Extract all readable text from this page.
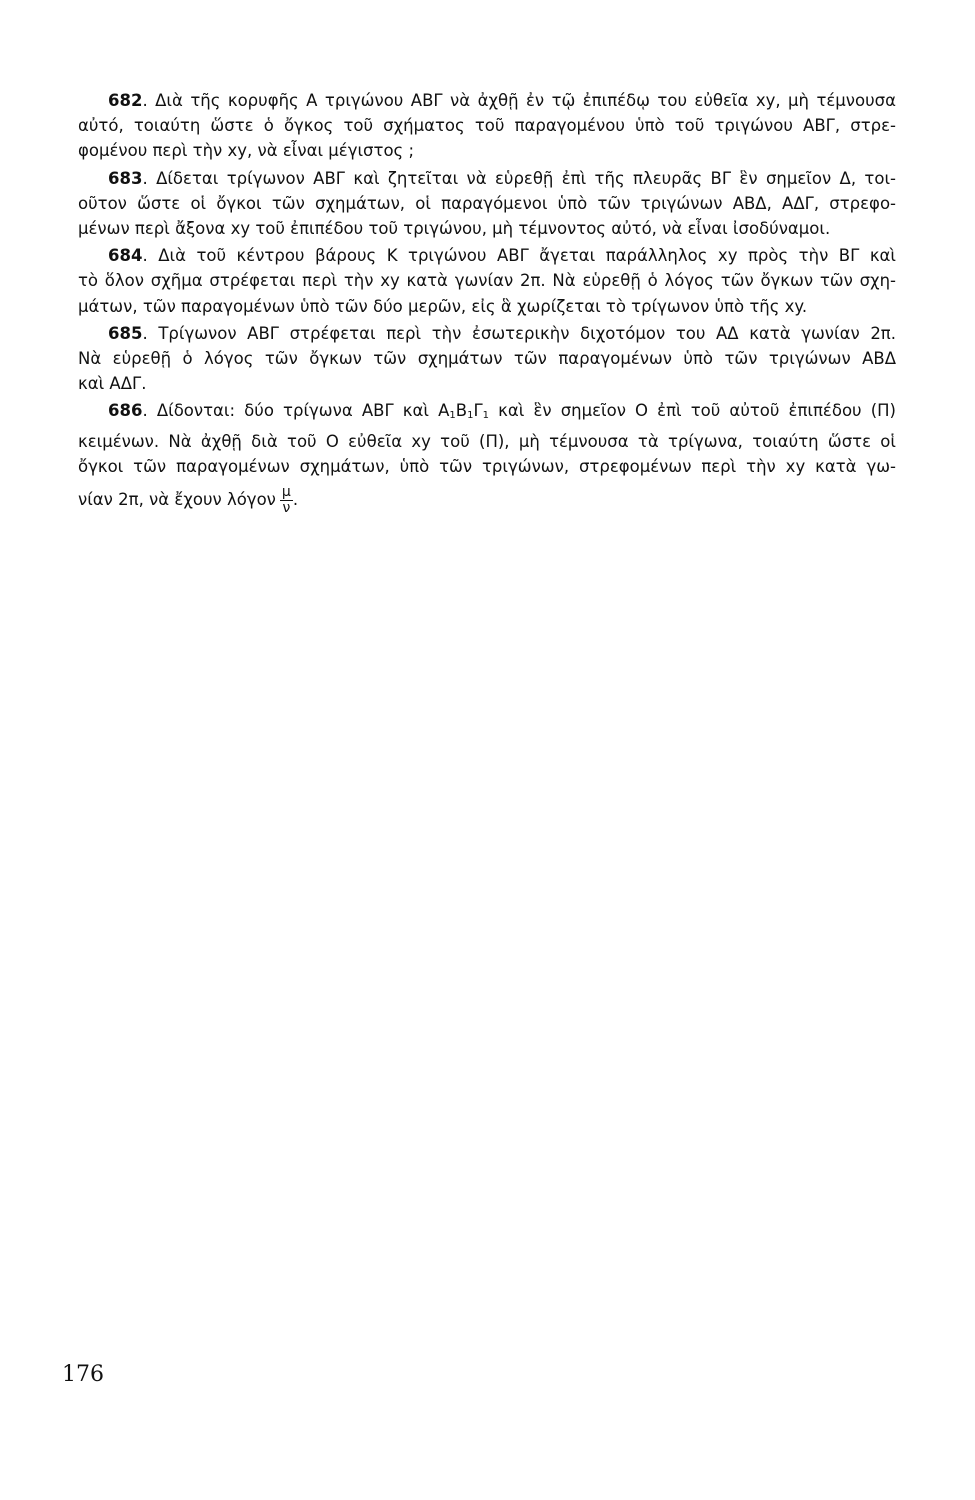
682. Διὰ τῆς κορυφῆς Α τριγώνου ΑΒΓ νὰ ἀχθῇ ἐν τῷ ἐπιπέδῳ του εὐθεῖα xy, μὴ τέμνουσα
αὐτό, τοιαύτη ὥστε ὁ ὄγκος τοῦ σχήματος τοῦ παραγομένου ὑπὸ τοῦ τριγώνου ΑΒΓ, στρε-
φομένου περὶ τὴν xy, νὰ εἶναι μέγιστος ;
683. Δίδεται τρίγωνον ΑΒΓ καὶ ζητεῖται νὰ εὑρεθῇ ἐπὶ τῆς πλευρᾶς ΒΓ ἓν σημεῖον Δ, τοι-
οῦτον ὥστε οἱ ὄγκοι τῶν σχημάτων, οἱ παραγόμενοι ὑπὸ τῶν τριγώνων ΑΒΔ, ΑΔΓ, στρεφο-
μένων περὶ ἄξονα xy τοῦ ἐπιπέδου τοῦ τριγώνου, μὴ τέμνοντος αὐτό, νὰ εἶναι ἰσοδύναμοι.
684. Διὰ τοῦ κέντρου βάρους Κ τριγώνου ΑΒΓ ἄγεται παράλληλος xy πρὸς τὴν ΒΓ καὶ
τὸ ὅλον σχῆμα στρέφεται περὶ τὴν xy κατὰ γωνίαν 2π. Νὰ εὑρεθῇ ὁ λόγος τῶν ὄγκων τῶν σχη-
μάτων, τῶν παραγομένων ὑπὸ τῶν δύο μερῶν, εἰς ἃ χωρίζεται τὸ τρίγωνον ὑπὸ τῆς xy.
685. Τρίγωνον ΑΒΓ στρέφεται περὶ τὴν ἐσωτερικὴν διχοτόμον του ΑΔ κατὰ γωνίαν 2π.
Νὰ εὑρεθῇ ὁ λόγος τῶν ὄγκων τῶν σχημάτων τῶν παραγομένων ὑπὸ τῶν τριγώνων ΑΒΔ
καὶ ΑΔΓ.
686. Δίδονται: δύο τρίγωνα ΑΒΓ καὶ $A_1B_1\Gamma_1$ καὶ ἓν σημεῖον Ο ἐπὶ τοῦ αὐτοῦ ἐπιπέδου (Π)
κειμένων. Νὰ ἀχθῇ διὰ τοῦ Ο εὐθεῖα xy τοῦ (Π), μὴ τέμνουσα τὰ τρίγωνα, τοιαύτη ὥστε οἱ
ὄγκοι τῶν παραγομένων σχημάτων, ὑπὸ τῶν τριγώνων, στρεφομένων περὶ τὴν xy κατὰ γω-
νίαν 2π, νὰ ἔχουν λόγον $\frac{\mu}{\nu}$ .
176
